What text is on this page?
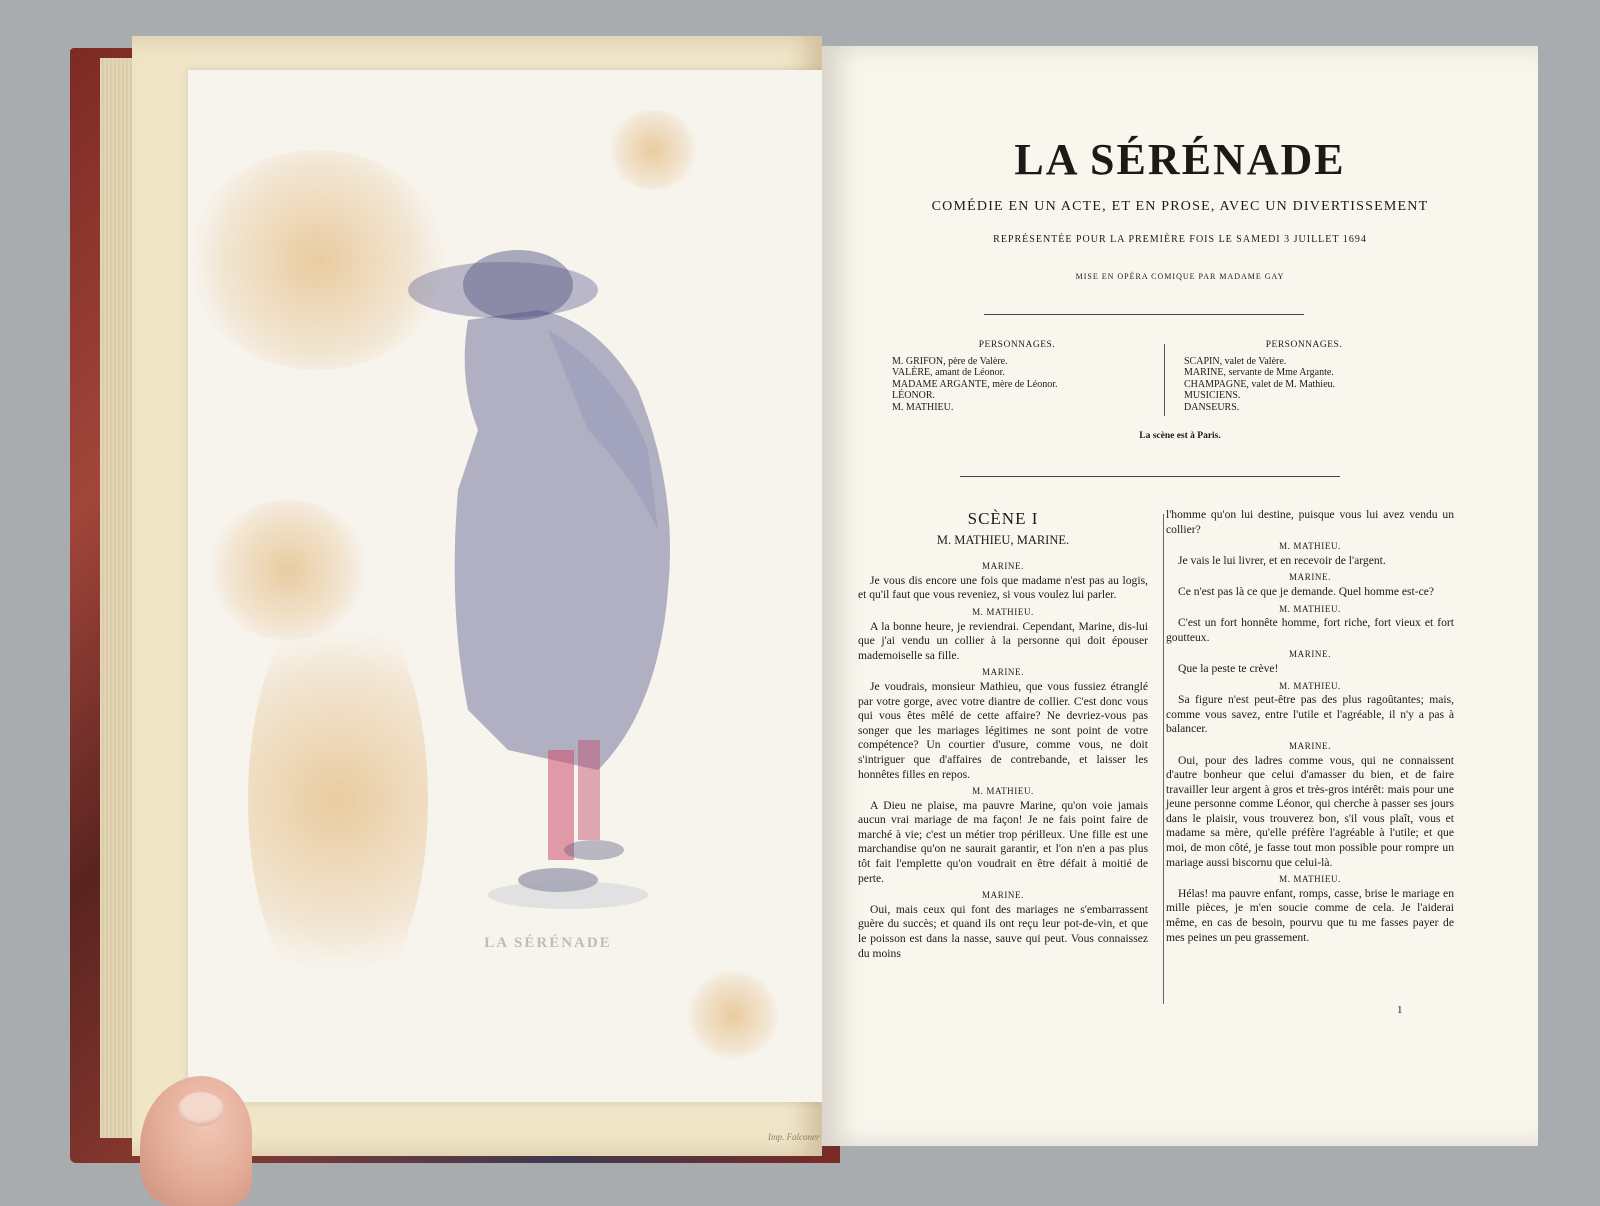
LA SÉRÉNADE
Imp. Falconer
LA SÉRÉNADE
COMÉDIE EN UN ACTE, ET EN PROSE, AVEC UN DIVERTISSEMENT
REPRÉSENTÉE POUR LA PREMIÈRE FOIS LE SAMEDI 3 JUILLET 1694
MISE EN OPÉRA COMIQUE PAR MADAME GAY
PERSONNAGES.
M. GRIFON, père de Valère.
VALÈRE, amant de Léonor.
MADAME ARGANTE, mère de Léonor.
LÉONOR.
M. MATHIEU.
PERSONNAGES.
SCAPIN, valet de Valère.
MARINE, servante de Mme Argante.
CHAMPAGNE, valet de M. Mathieu.
MUSICIENS.
DANSEURS.
La scène est à Paris.
SCÈNE I
M. MATHIEU, MARINE.
MARINE.

Je vous dis encore une fois que madame n'est pas au logis, et qu'il faut que vous reveniez, si vous voulez lui parler.

M. MATHIEU.

A la bonne heure, je reviendrai. Cependant, Marine, dis-lui que j'ai vendu un collier à la personne qui doit épouser mademoiselle sa fille.

MARINE.

Je voudrais, monsieur Mathieu, que vous fussiez étranglé par votre gorge, avec votre diantre de collier. C'est donc vous qui vous êtes mêlé de cette affaire? Ne devriez-vous pas songer que les mariages légitimes ne sont point de votre compétence? Un courtier d'usure, comme vous, ne doit s'intriguer que d'affaires de contrebande, et laisser les honnêtes filles en repos.

M. MATHIEU.

A Dieu ne plaise, ma pauvre Marine, qu'on voie jamais aucun vrai mariage de ma façon! Je ne fais point faire de marché à vie; c'est un métier trop périlleux. Une fille est une marchandise qu'on ne saurait garantir, et l'on n'en a pas plus tôt fait l'emplette qu'on voudrait en être défait à moitié de perte.

MARINE.

Oui, mais ceux qui font des mariages ne s'embarrassent guère du succès; et quand ils ont reçu leur pot-de-vin, et que le poisson est dans la nasse, sauve qui peut. Vous connaissez du moins

l'homme qu'on lui destine, puisque vous lui avez vendu un collier?

M. MATHIEU.

Je vais le lui livrer, et en recevoir de l'argent.

MARINE.

Ce n'est pas là ce que je demande. Quel homme est-ce?

M. MATHIEU.

C'est un fort honnête homme, fort riche, fort vieux et fort goutteux.

MARINE.

Que la peste te crève!

M. MATHIEU.

Sa figure n'est peut-être pas des plus ragoûtantes; mais, comme vous savez, entre l'utile et l'agréable, il n'y a pas à balancer.

MARINE.

Oui, pour des ladres comme vous, qui ne connaissent d'autre bonheur que celui d'amasser du bien, et de faire travailler leur argent à gros et très-gros intérêt: mais pour une jeune personne comme Léonor, qui cherche à passer ses jours dans le plaisir, vous trouverez bon, s'il vous plaît, vous et madame sa mère, qu'elle préfère l'agréable à l'utile; et que moi, de mon côté, je fasse tout mon possible pour rompre un mariage aussi biscornu que celui-là.

M. MATHIEU.

Hélas! ma pauvre enfant, romps, casse, brise le mariage en mille pièces, je m'en soucie comme de cela. Je l'aiderai même, en cas de besoin, pourvu que tu me fasses payer de mes peines un peu grassement.

1
